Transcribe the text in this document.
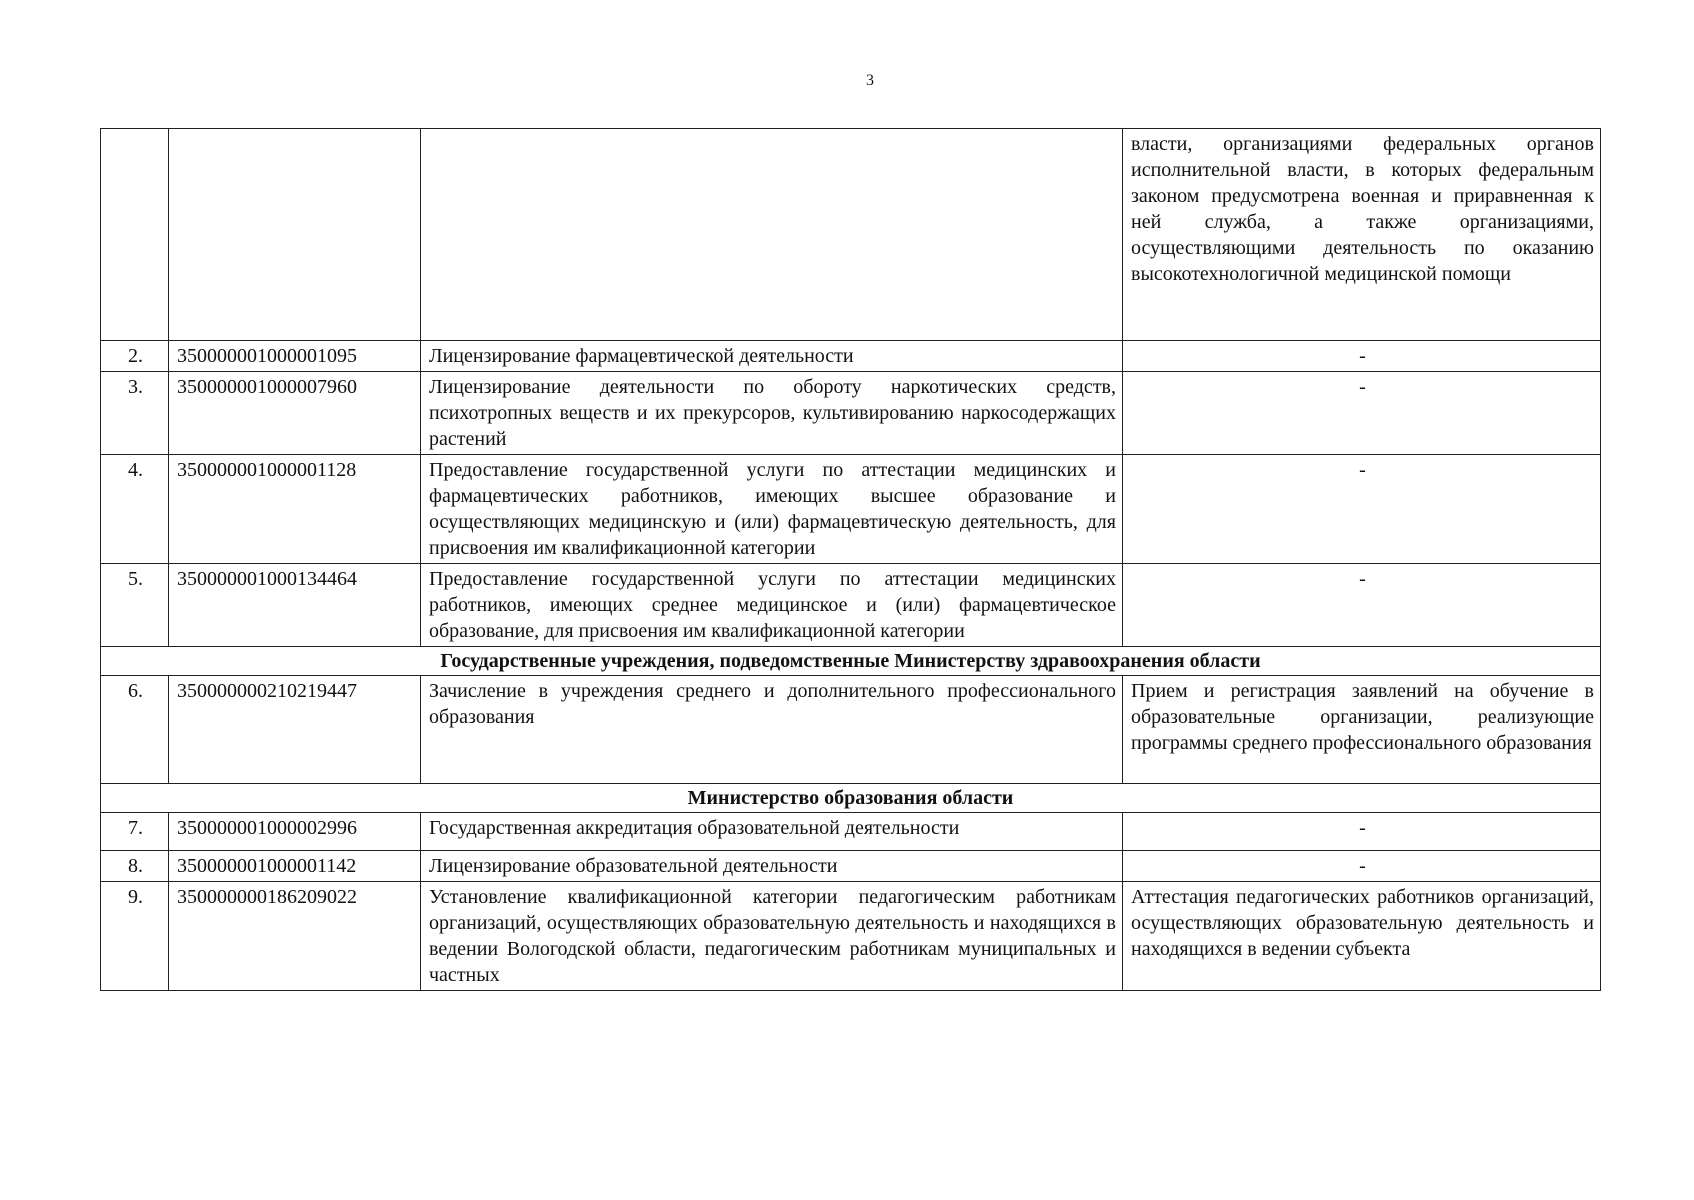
3
			власти, организациями федеральных органов исполнительной власти, в которых федеральным законом предусмотрена военная и приравненная к ней служба, а также организациями, осуществляющими деятельность по оказанию высокотехнологичной медицинской помощи
2.	350000001000001095	Лицензирование фармацевтической деятельности	-
3.	350000001000007960	Лицензирование деятельности по обороту наркотических средств, психотропных веществ и их прекурсоров, культивированию наркосодержащих растений	-
4.	350000001000001128	Предоставление государственной услуги по аттестации медицинских и фармацевтических работников, имеющих высшее образование и осуществляющих медицинскую и (или) фармацевтическую деятельность, для присвоения им квалификационной категории	-
5.	350000001000134464	Предоставление государственной услуги по аттестации медицинских работников, имеющих среднее медицинское и (или) фармацевтическое образование, для присвоения им квалификационной категории	-
Государственные учреждения, подведомственные Министерству здравоохранения области			
6.	350000000210219447	Зачисление в учреждения среднего и дополнительного профессионального образования	Прием и регистрация заявлений на обучение в образовательные организации, реализующие программы среднего профессионального образования
Министерство образования области			
7.	350000001000002996	Государственная аккредитация образовательной деятельности	-
8.	350000001000001142	Лицензирование образовательной деятельности	-
9.	350000000186209022	Установление квалификационной категории педагогическим работникам организаций, осуществляющих образовательную деятельность и находящихся в ведении Вологодской области, педагогическим работникам муниципальных и частных	Аттестация педагогических работников организаций, осуществляющих образовательную деятельность и находящихся в ведении субъекта
